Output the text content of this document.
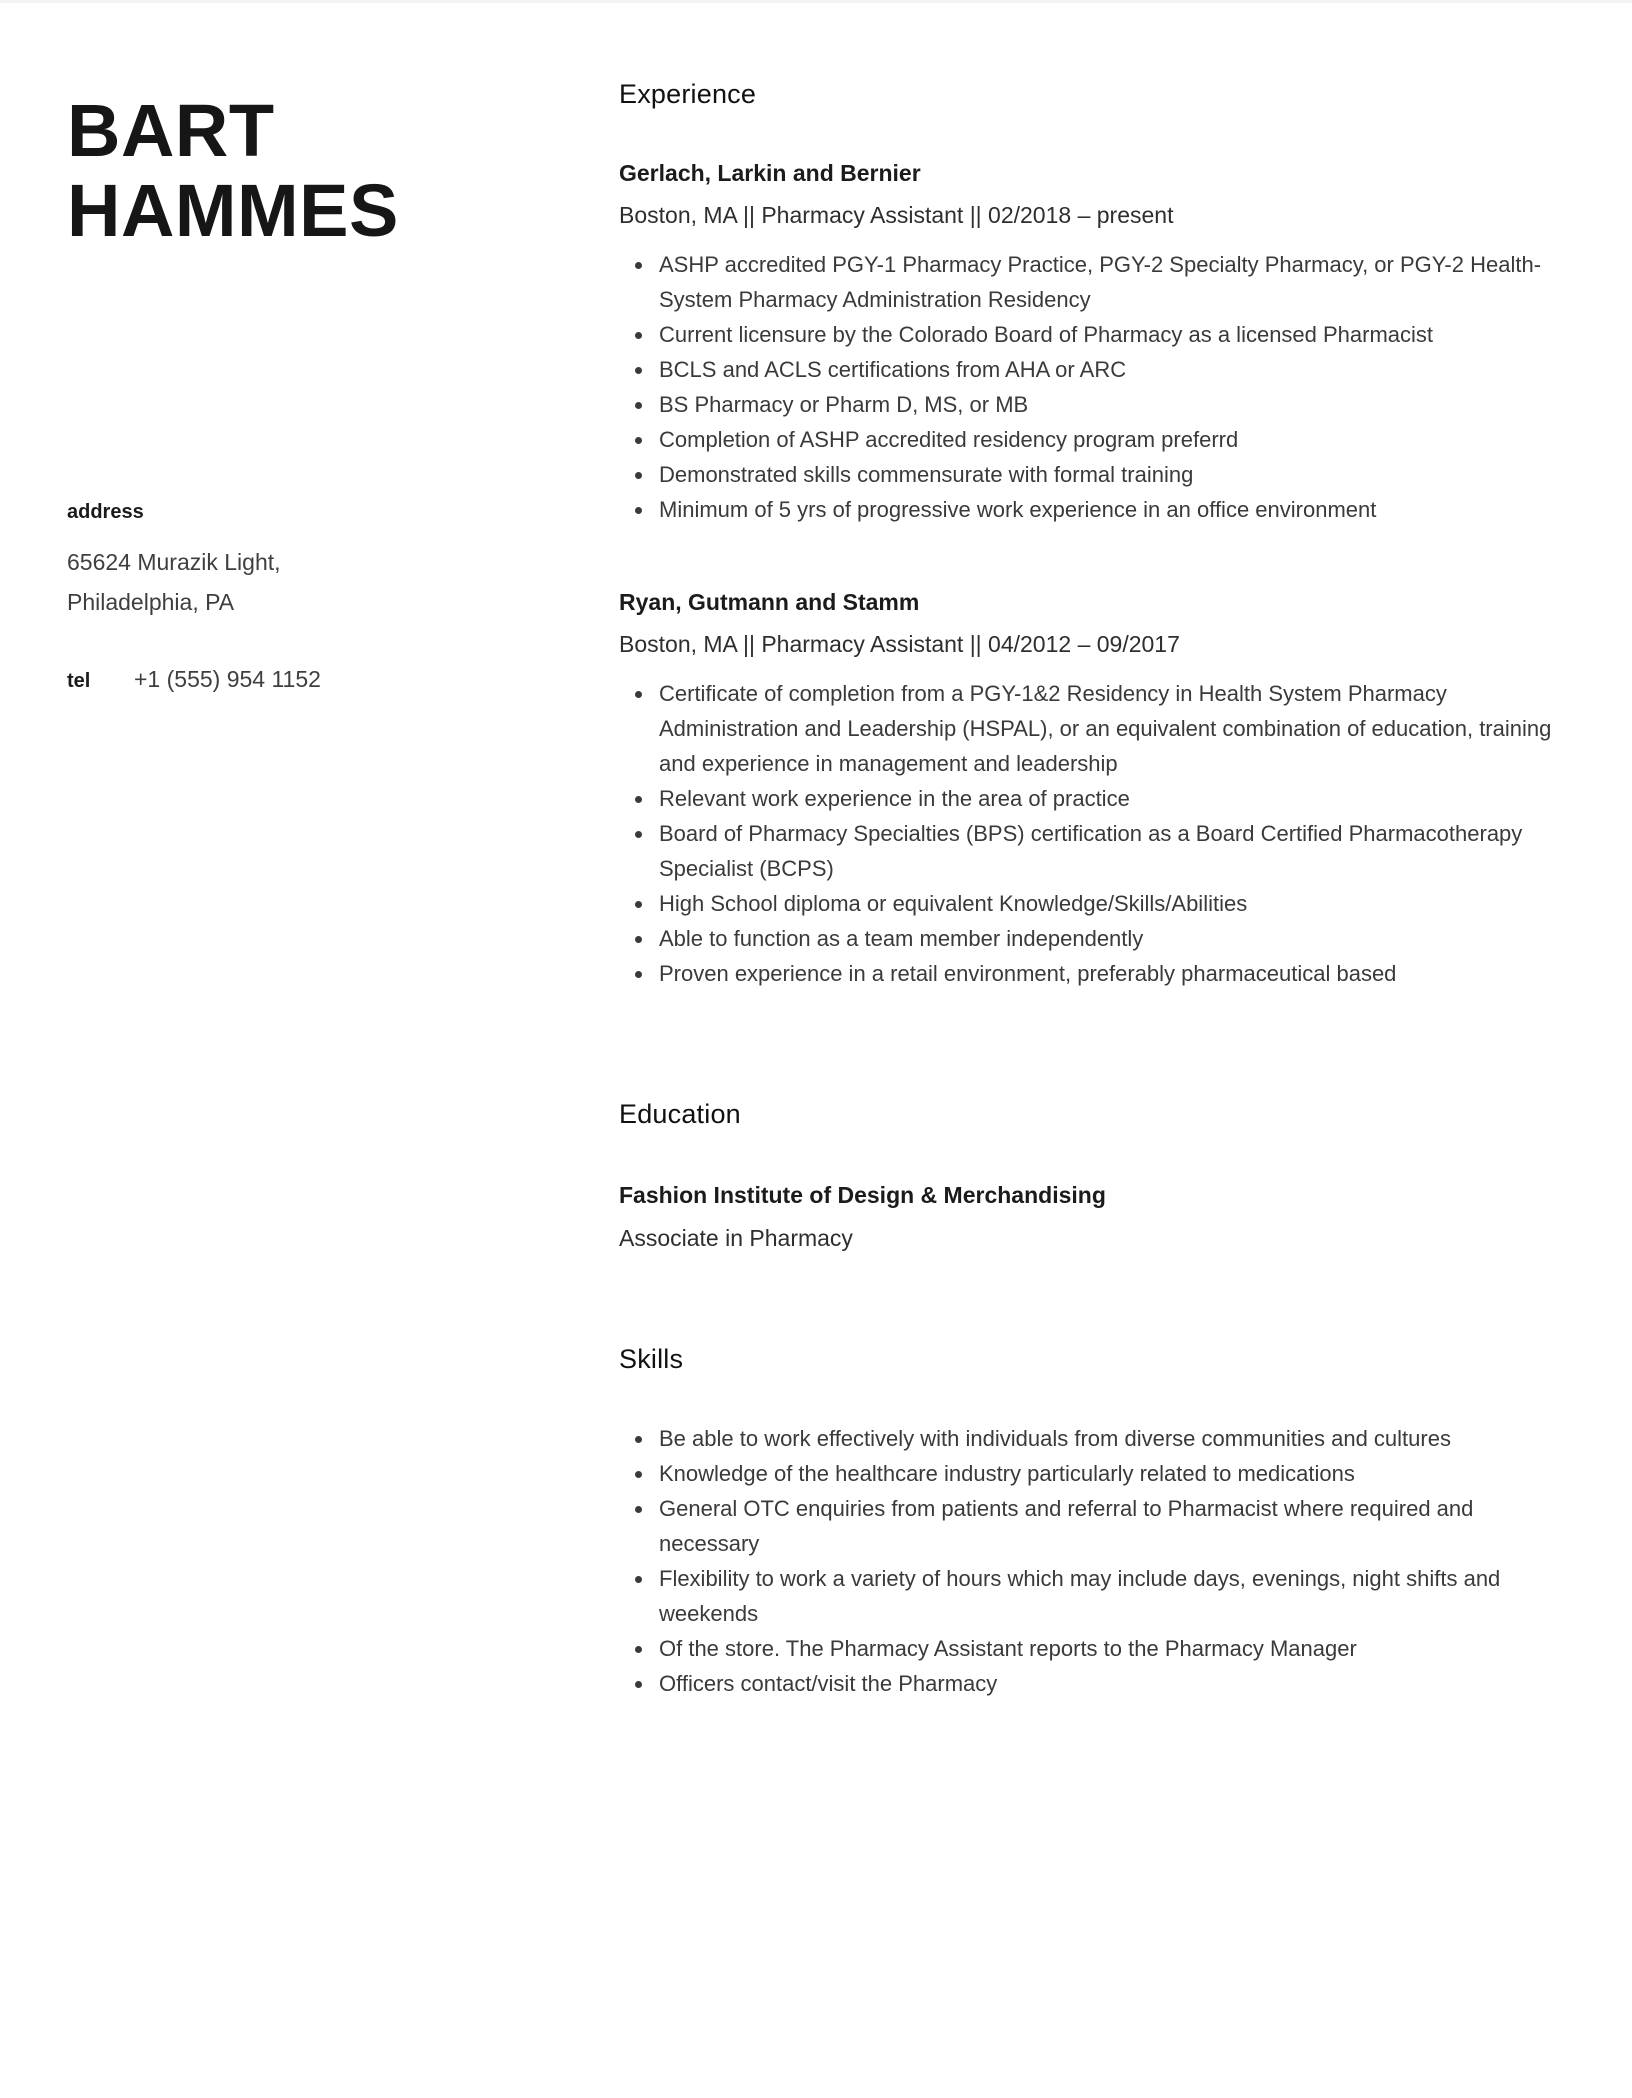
BART
HAMMES
address
65624 Murazik Light,
Philadelphia, PA
tel	+1 (555) 954 1152
Experience
Gerlach, Larkin and Bernier
Boston, MA || Pharmacy Assistant || 02/2018 – present
• ASHP accredited PGY-1 Pharmacy Practice, PGY-2 Specialty Pharmacy, or PGY-2 Health-System Pharmacy Administration Residency
• Current licensure by the Colorado Board of Pharmacy as a licensed Pharmacist
• BCLS and ACLS certifications from AHA or ARC
• BS Pharmacy or Pharm D, MS, or MB
• Completion of ASHP accredited residency program preferrd
• Demonstrated skills commensurate with formal training
• Minimum of 5 yrs of progressive work experience in an office environment
Ryan, Gutmann and Stamm
Boston, MA || Pharmacy Assistant || 04/2012 – 09/2017
• Certificate of completion from a PGY-1&2 Residency in Health System Pharmacy Administration and Leadership (HSPAL), or an equivalent combination of education, training and experience in management and leadership
• Relevant work experience in the area of practice
• Board of Pharmacy Specialties (BPS) certification as a Board Certified Pharmacotherapy Specialist (BCPS)
• High School diploma or equivalent Knowledge/Skills/Abilities
• Able to function as a team member independently
• Proven experience in a retail environment, preferably pharmaceutical based
Education
Fashion Institute of Design & Merchandising
Associate in Pharmacy
Skills
• Be able to work effectively with individuals from diverse communities and cultures
• Knowledge of the healthcare industry particularly related to medications
• General OTC enquiries from patients and referral to Pharmacist where required and necessary
• Flexibility to work a variety of hours which may include days, evenings, night shifts and weekends
• Of the store. The Pharmacy Assistant reports to the Pharmacy Manager
• Officers contact/visit the Pharmacy
